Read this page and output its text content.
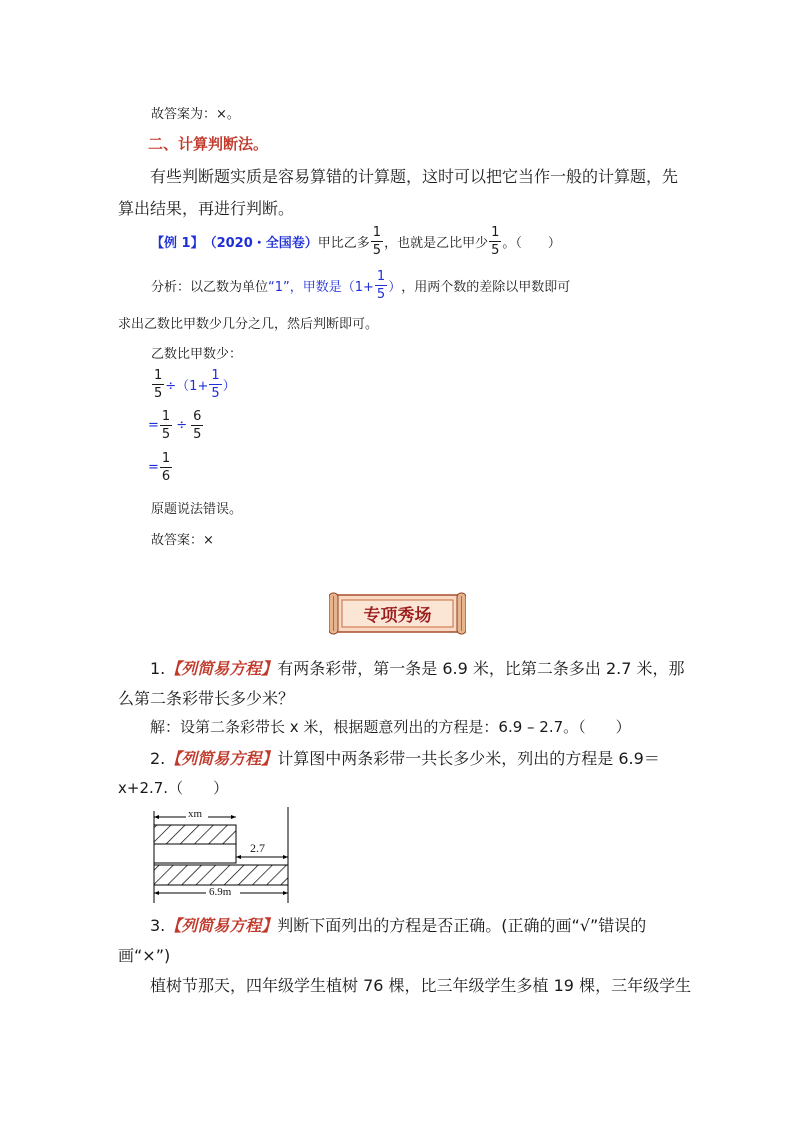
故答案为：×。
二、计算判断法。
有些判断题实质是容易算错的计算题，这时可以把它当作一般的计算题，先
算出结果，再进行判断。
【例 1】 （2020・全国卷） 甲比乙多 $\frac{1}{5}$ ，也就是乙比甲少 $\frac{1}{5}$ 。（　　）
分析：以乙数为单位 “1”，甲数是（$1+ \frac{1}{5}$ ） ，用两个数的差除以甲数即可
求出乙数比甲数少几分之几，然后判断即可。
乙数比甲数少：
$\frac{1}{5} \div(1+ \frac{1}{5}$ ）
= $\frac{1}{5} \div \frac{6}{5}$
= $\frac{1}{6}$
原题说法错误。
故答案：×
专项秀场
1.【列简易方程】有两条彩带，第一条是 6.9 米，比第二条多出 2.7 米，那
么第二条彩带长多少米？
解：设第二条彩带长 x 米，根据题意列出的方程是：6.9 – 2.7。（　　）
2.【列简易方程】计算图中两条彩带一共长多少米，列出的方程是 6.9＝
x+2.7.（　　）
xm
2.7
6.9m
3.【列简易方程】判断下面列出的方程是否正确。(正确的画“√”错误的
画“×”)
植树节那天，四年级学生植树 76 棵，比三年级学生多植 19 棵，三年级学生
